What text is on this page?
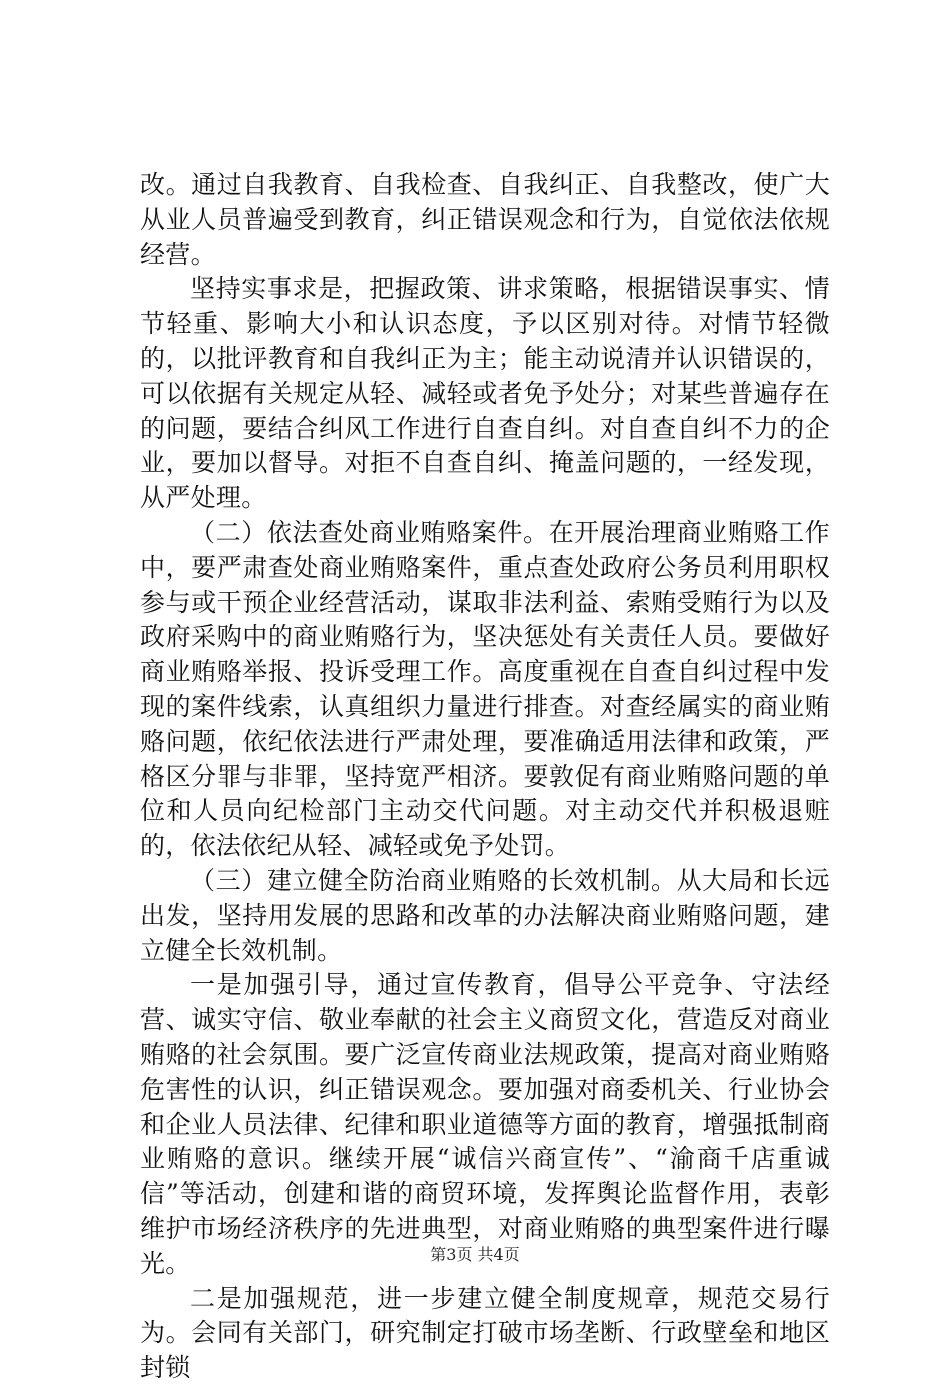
改。通过自我教育、自我检查、自我纠正、自我整改，使广大从业人员普遍受到教育，纠正错误观念和行为，自觉依法依规经营。

坚持实事求是，把握政策、讲求策略，根据错误事实、情节轻重、影响大小和认识态度，予以区别对待。对情节轻微的，以批评教育和自我纠正为主；能主动说清并认识错误的，可以依据有关规定从轻、减轻或者免予处分；对某些普遍存在的问题，要结合纠风工作进行自查自纠。对自查自纠不力的企业，要加以督导。对拒不自查自纠、掩盖问题的，一经发现，从严处理。

（二）依法查处商业贿赂案件。在开展治理商业贿赂工作中，要严肃查处商业贿赂案件，重点查处政府公务员利用职权参与或干预企业经营活动，谋取非法利益、索贿受贿行为以及政府采购中的商业贿赂行为，坚决惩处有关责任人员。要做好商业贿赂举报、投诉受理工作。高度重视在自查自纠过程中发现的案件线索，认真组织力量进行排查。对查经属实的商业贿赂问题，依纪依法进行严肃处理，要准确适用法律和政策，严格区分罪与非罪，坚持宽严相济。要敦促有商业贿赂问题的单位和人员向纪检部门主动交代问题。对主动交代并积极退赃的，依法依纪从轻、减轻或免予处罚。

（三）建立健全防治商业贿赂的长效机制。从大局和长远出发，坚持用发展的思路和改革的办法解决商业贿赂问题，建立健全长效机制。

一是加强引导，通过宣传教育，倡导公平竞争、守法经营、诚实守信、敬业奉献的社会主义商贸文化，营造反对商业贿赂的社会氛围。要广泛宣传商业法规政策，提高对商业贿赂危害性的认识，纠正错误观念。要加强对商委机关、行业协会和企业人员法律、纪律和职业道德等方面的教育，增强抵制商业贿赂的意识。继续开展“诚信兴商宣传”、“渝商千店重诚信”等活动，创建和谐的商贸环境，发挥舆论监督作用，表彰维护市场经济秩序的先进典型，对商业贿赂的典型案件进行曝光。

二是加强规范，进一步建立健全制度规章，规范交易行为。会同有关部门，研究制定打破市场垄断、行政壁垒和地区封锁

第3页 共4页
